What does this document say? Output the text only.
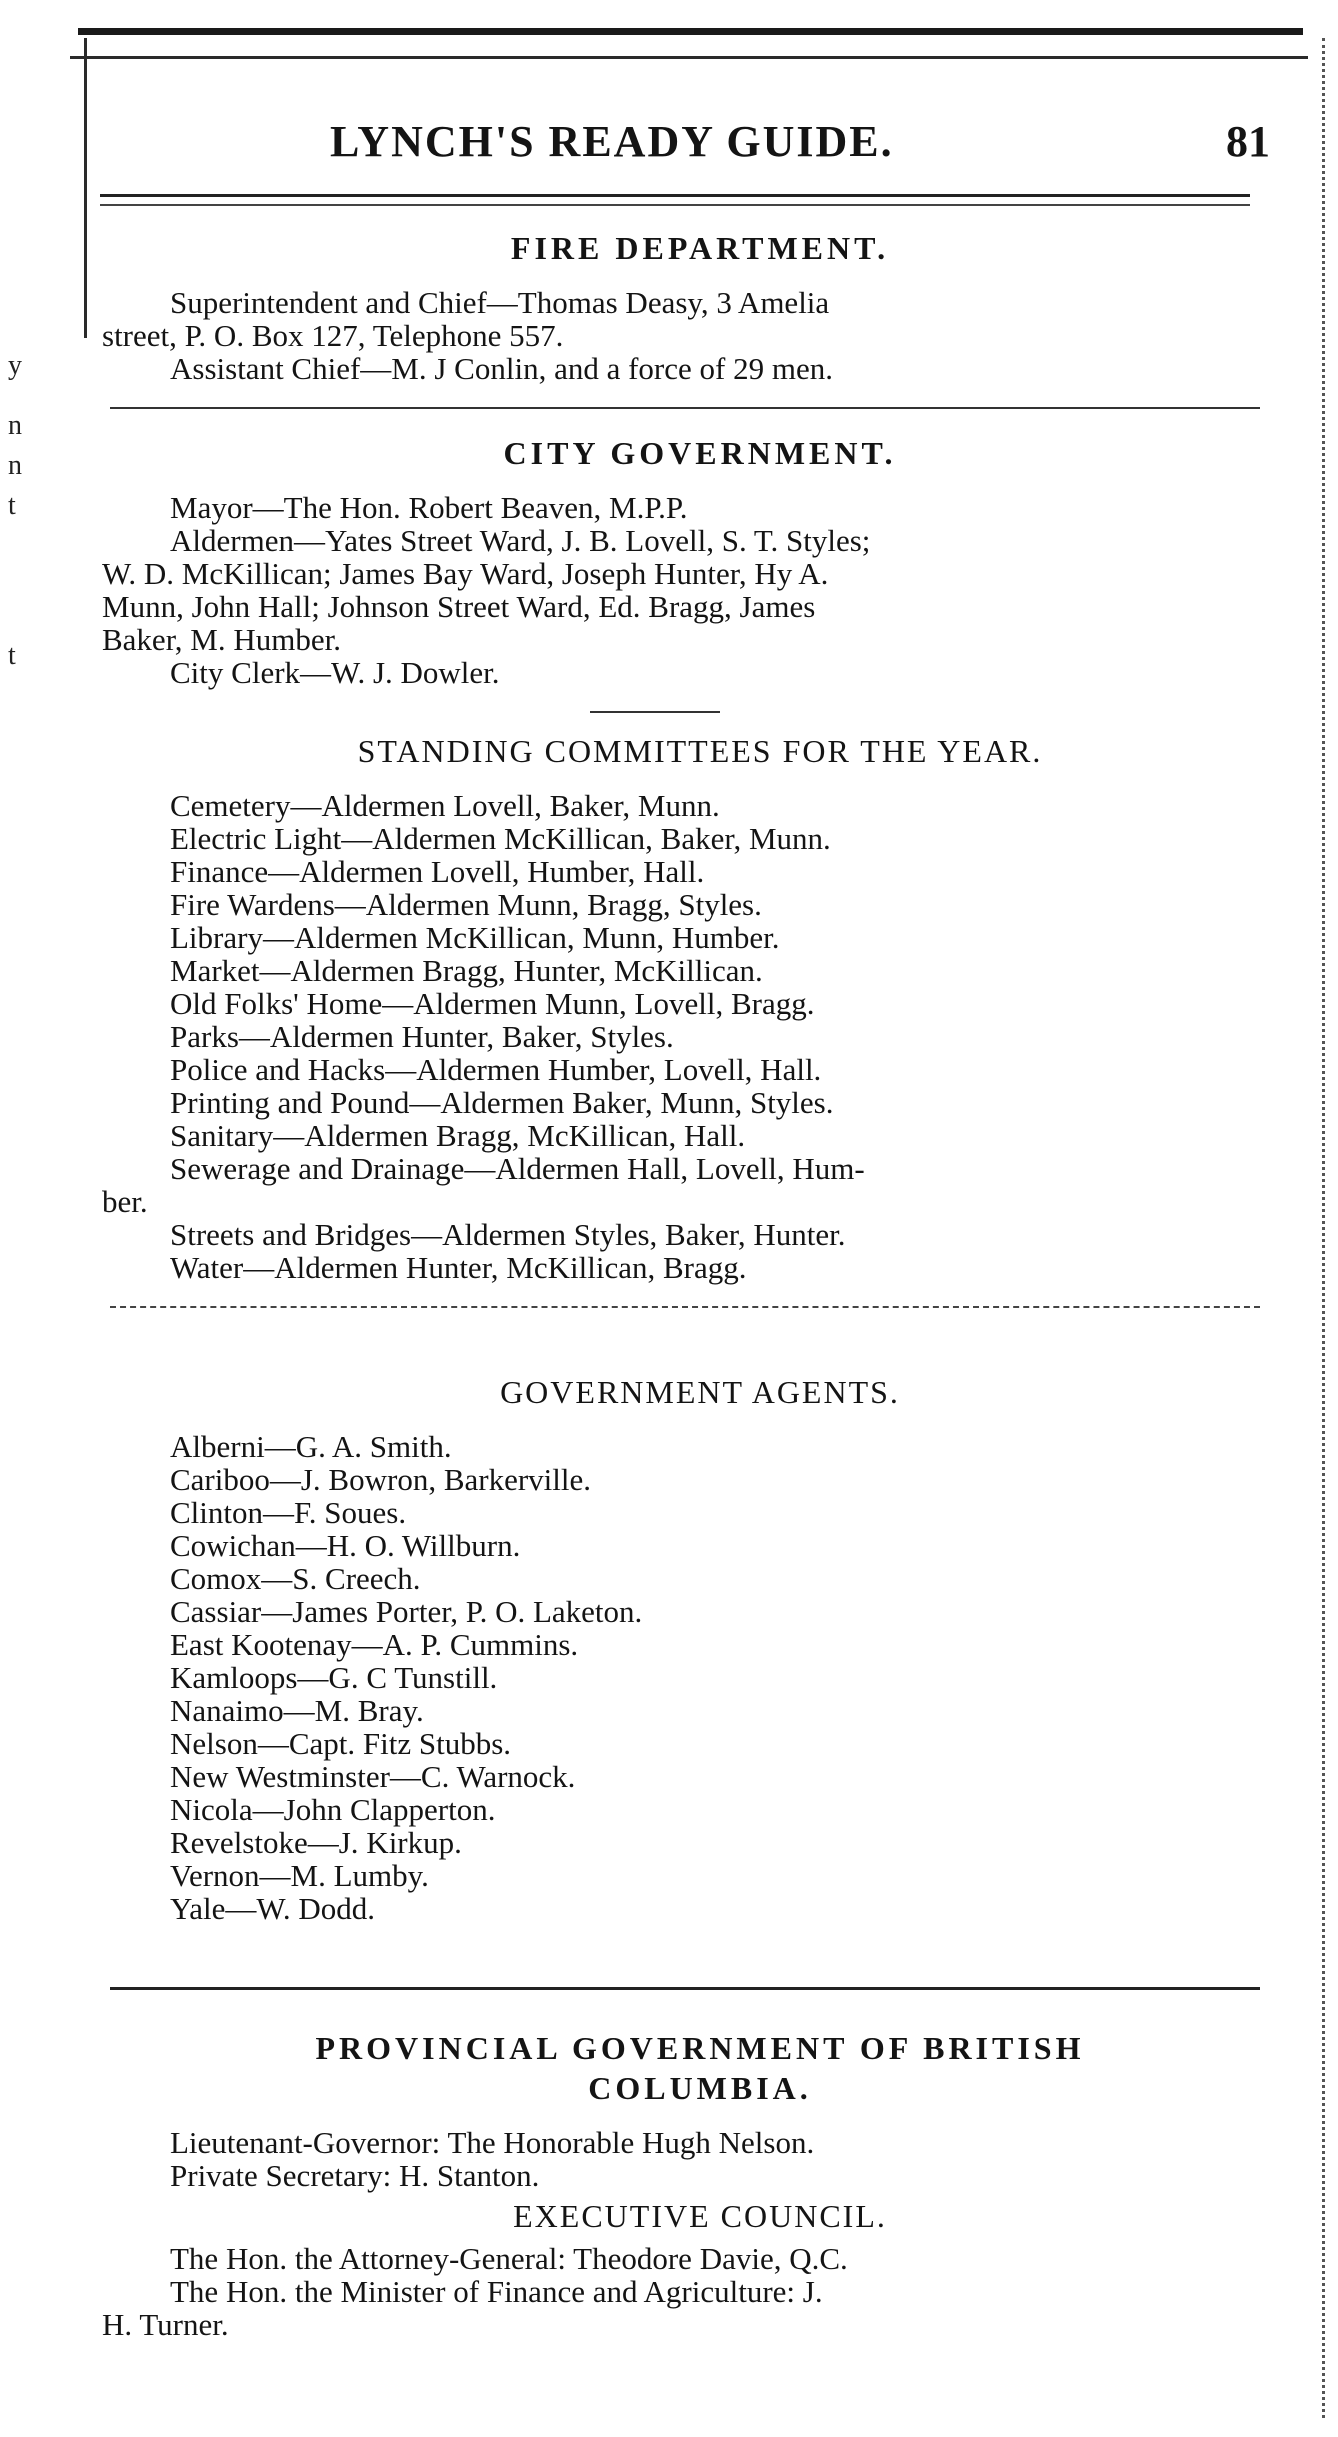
y
n
n
t
t
LYNCH'S READY GUIDE.	81
FIRE DEPARTMENT.
Superintendent and Chief—Thomas Deasy, 3 Amelia
street, P. O. Box 127, Telephone 557.
Assistant Chief—M. J Conlin, and a force of 29 men.
CITY GOVERNMENT.
Mayor—The Hon. Robert Beaven, M.P.P.
Aldermen—Yates Street Ward, J. B. Lovell, S. T. Styles;
W. D. McKillican; James Bay Ward, Joseph Hunter, Hy A.
Munn, John Hall; Johnson Street Ward, Ed. Bragg, James
Baker, M. Humber.
City Clerk—W. J. Dowler.
STANDING COMMITTEES FOR THE YEAR.
Cemetery—Aldermen Lovell, Baker, Munn.
Electric Light—Aldermen McKillican, Baker, Munn.
Finance—Aldermen Lovell, Humber, Hall.
Fire Wardens—Aldermen Munn, Bragg, Styles.
Library—Aldermen McKillican, Munn, Humber.
Market—Aldermen Bragg, Hunter, McKillican.
Old Folks' Home—Aldermen Munn, Lovell, Bragg.
Parks—Aldermen Hunter, Baker, Styles.
Police and Hacks—Aldermen Humber, Lovell, Hall.
Printing and Pound—Aldermen Baker, Munn, Styles.
Sanitary—Aldermen Bragg, McKillican, Hall.
Sewerage and Drainage—Aldermen Hall, Lovell, Hum-
ber.
Streets and Bridges—Aldermen Styles, Baker, Hunter.
Water—Aldermen Hunter, McKillican, Bragg.
GOVERNMENT AGENTS.
Alberni—G. A. Smith.
Cariboo—J. Bowron, Barkerville.
Clinton—F. Soues.
Cowichan—H. O. Willburn.
Comox—S. Creech.
Cassiar—James Porter, P. O. Laketon.
East Kootenay—A. P. Cummins.
Kamloops—G. C Tunstill.
Nanaimo—M. Bray.
Nelson—Capt. Fitz Stubbs.
New Westminster—C. Warnock.
Nicola—John Clapperton.
Revelstoke—J. Kirkup.
Vernon—M. Lumby.
Yale—W. Dodd.
PROVINCIAL GOVERNMENT OF BRITISH
COLUMBIA.
Lieutenant-Governor: The Honorable Hugh Nelson.
Private Secretary: H. Stanton.
EXECUTIVE COUNCIL.
The Hon. the Attorney-General: Theodore Davie, Q.C.
The Hon. the Minister of Finance and Agriculture: J.
H. Turner.
